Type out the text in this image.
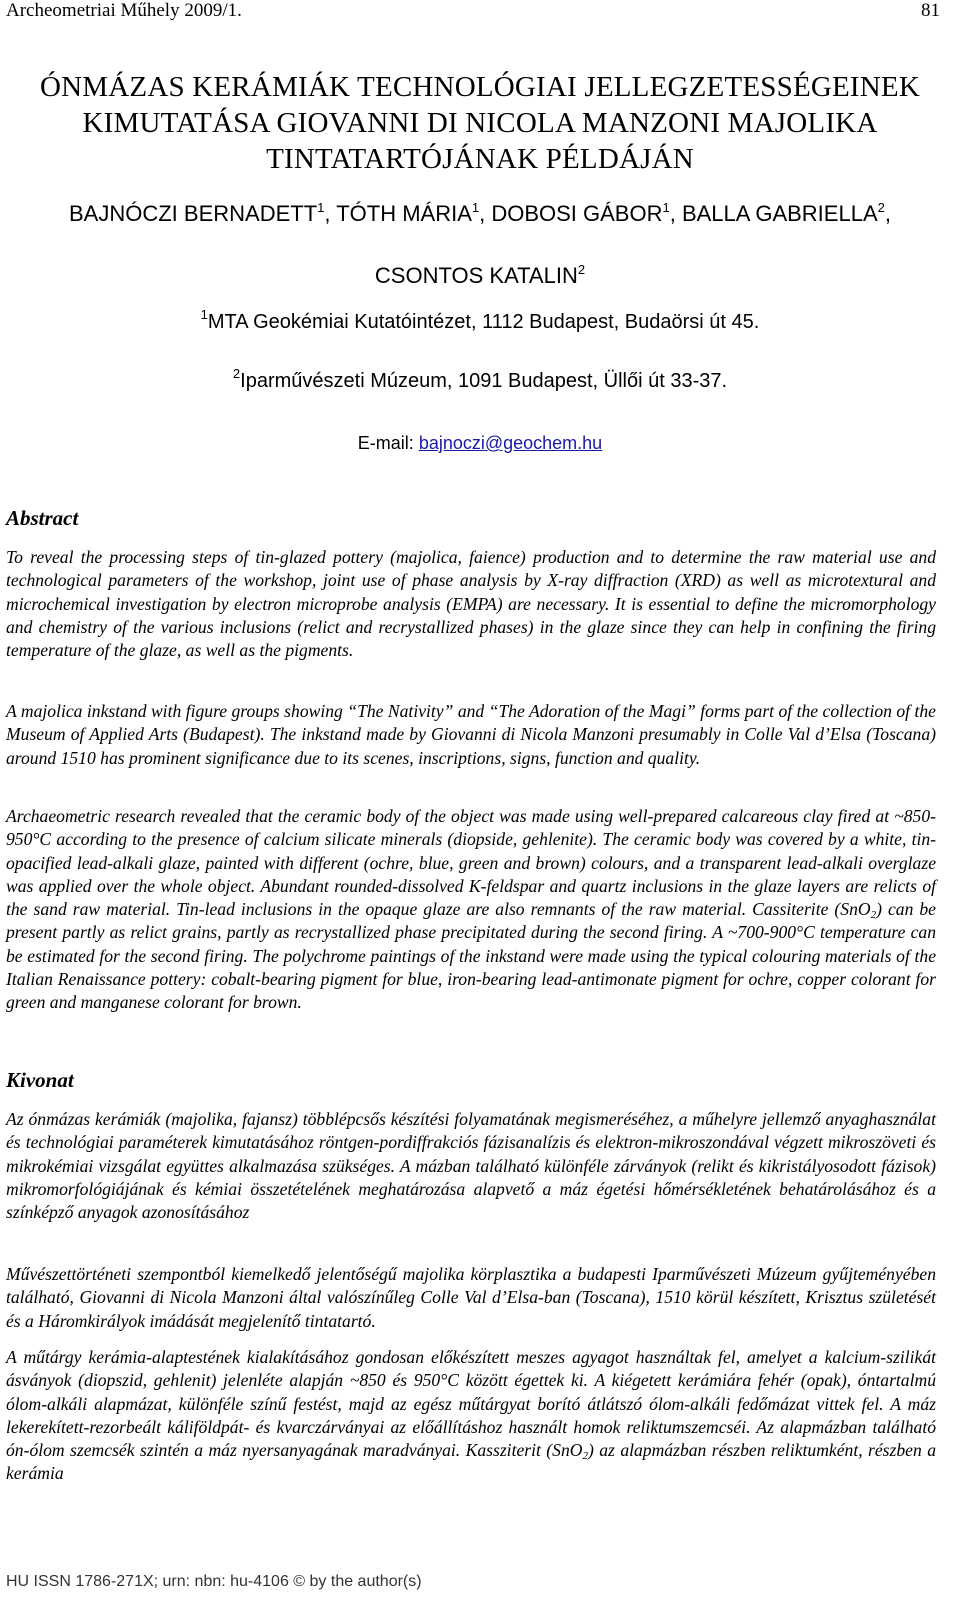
Archeometriai Műhely 2009/1.	81
ÓNMÁZAS KERÁMIÁK TECHNOLÓGIAI JELLEGZETESSÉGEINEK
KIMUTATÁSA GIOVANNI DI NICOLA MANZONI MAJOLIKA
TINTATARTÓJÁNAK PÉLDÁJÁN
BAJNÓCZI BERNADETT$^1$, TÓTH MÁRIA$^1$, DOBOSI GÁBOR$^1$, BALLA GABRIELLA$^2$,
CSONTOS KATALIN$^2$
$^1$MTA Geokémiai Kutatóintézet, 1112 Budapest, Budaörsi út 45.
$^2$Iparművészeti Múzeum, 1091 Budapest, Üllői út 33-37.
E-mail: bajnoczi@geochem.hu
Abstract

To reveal the processing steps of tin-glazed pottery (majolica, faience) production and to determine the raw material use and technological parameters of the workshop, joint use of phase analysis by X-ray diffraction (XRD) as well as microtextural and microchemical investigation by electron microprobe analysis (EMPA) are necessary. It is essential to define the micromorphology and chemistry of the various inclusions (relict and recrystallized phases) in the glaze since they can help in confining the firing temperature of the glaze, as well as the pigments.

A majolica inkstand with figure groups showing “The Nativity” and “The Adoration of the Magi” forms part of the collection of the Museum of Applied Arts (Budapest). The inkstand made by Giovanni di Nicola Manzoni presumably in Colle Val d’Elsa (Toscana) around 1510 has prominent significance due to its scenes, inscriptions, signs, function and quality.

Archaeometric research revealed that the ceramic body of the object was made using well-prepared calcareous clay fired at ~850-950°C according to the presence of calcium silicate minerals (diopside, gehlenite). The ceramic body was covered by a white, tin-opacified lead-alkali glaze, painted with different (ochre, blue, green and brown) colours, and a transparent lead-alkali overglaze was applied over the whole object. Abundant rounded-dissolved K-feldspar and quartz inclusions in the glaze layers are relicts of the sand raw material. Tin-lead inclusions in the opaque glaze are also remnants of the raw material. Cassiterite (SnO$_2$) can be present partly as relict grains, partly as recrystallized phase precipitated during the second firing. A ~700-900°C temperature can be estimated for the second firing. The polychrome paintings of the inkstand were made using the typical colouring materials of the Italian Renaissance pottery: cobalt-bearing pigment for blue, iron-bearing lead-antimonate pigment for ochre, copper colorant for green and manganese colorant for brown.

Kivonat

Az ónmázas kerámiák (majolika, fajansz) többlépcsős készítési folyamatának megismeréséhez, a műhelyre jellemző anyaghasználat és technológiai paraméterek kimutatásához röntgen-pordiffrakciós fázisanalízis és elektron-mikroszondával végzett mikroszöveti és mikrokémiai vizsgálat együttes alkalmazása szükséges. A mázban található különféle zárványok (relikt és kikristályosodott fázisok) mikromorfológiájának és kémiai összetételének meghatározása alapvető a máz égetési hőmérsékletének behatárolásához és a színképző anyagok azonosításához

Művészettörténeti szempontból kiemelkedő jelentőségű majolika körplasztika a budapesti Iparművészeti Múzeum gyűjteményében található, Giovanni di Nicola Manzoni által valószínűleg Colle Val d’Elsa-ban (Toscana), 1510 körül készített, Krisztus születését és a Háromkirályok imádását megjelenítő tintatartó.

A műtárgy kerámia-alaptestének kialakításához gondosan előkészített meszes agyagot használtak fel, amelyet a kalcium-szilikát ásványok (diopszid, gehlenit) jelenléte alapján ~850 és 950°C között égettek ki. A kiégetett kerámiára fehér (opak), óntartalmú ólom-alkáli alapmázat, különféle színű festést, majd az egész műtárgyat borító átlátszó ólom-alkáli fedőmázat vittek fel. A máz lekerekített-rezorbeált káliföldpát- és kvarczárványai az előállításhoz használt homok reliktumszemcséi. Az alapmázban található ón-ólom szemcsék szintén a máz nyersanyagának maradványai. Kassziterit (SnO$_2$) az alapmázban részben reliktumként, részben a kerámia

HU ISSN 1786-271X; urn: nbn: hu-4106 © by the author(s)
